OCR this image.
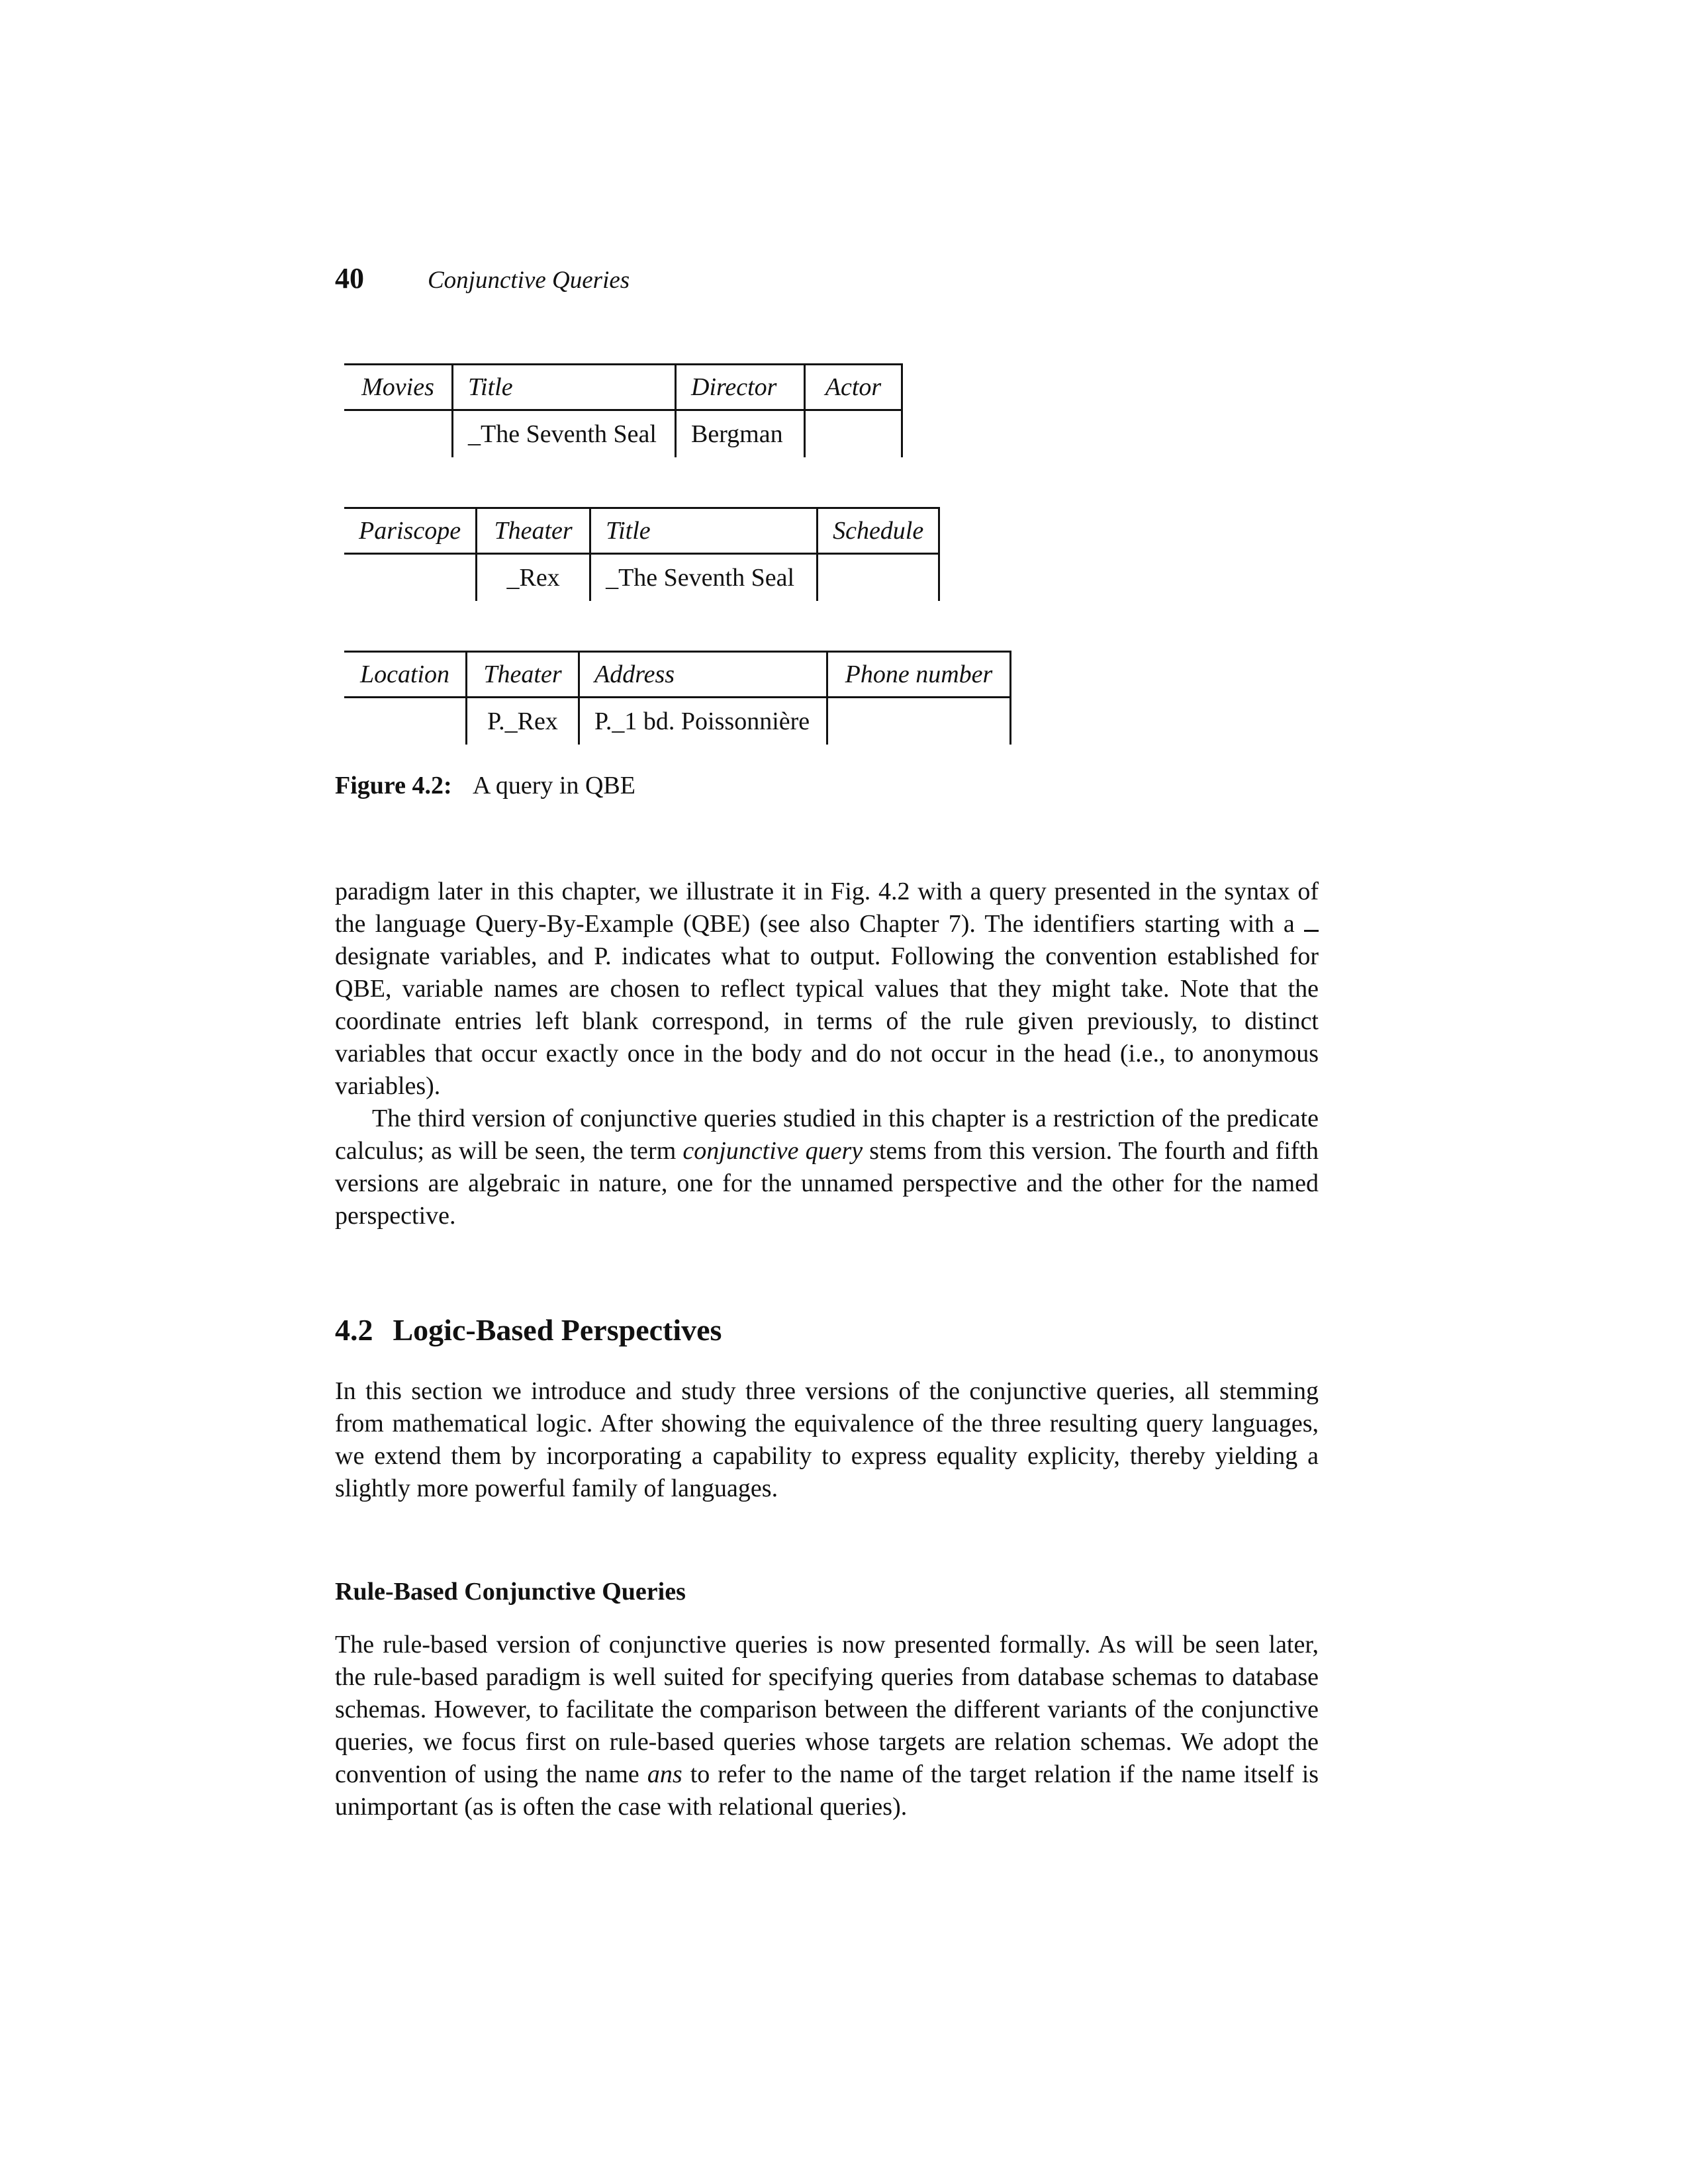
40	Conjunctive Queries
Movies	Title	Director	Actor
	_The Seventh Seal	Bergman	
Pariscope	Theater	Title	Schedule
	_Rex	_The Seventh Seal	
Location	Theater	Address	Phone number
	P._Rex	P._1 bd. Poissonnière	
Figure 4.2: A query in QBE

paradigm later in this chapter, we illustrate it in Fig. 4.2 with a query presented in the syntax of the language Query-By-Example (QBE) (see also Chapter 7). The identifiers starting with a  designate variables, and P. indicates what to output. Following the convention established for QBE, variable names are chosen to reflect typical values that they might take. Note that the coordinate entries left blank correspond, in terms of the rule given previously, to distinct variables that occur exactly once in the body and do not occur in the head (i.e., to anonymous variables).

The third version of conjunctive queries studied in this chapter is a restriction of the predicate calculus; as will be seen, the term conjunctive query stems from this version. The fourth and fifth versions are algebraic in nature, one for the unnamed perspective and the other for the named perspective.

4.2 Logic-Based Perspectives

In this section we introduce and study three versions of the conjunctive queries, all stemming from mathematical logic. After showing the equivalence of the three resulting query languages, we extend them by incorporating a capability to express equality explicity, thereby yielding a slightly more powerful family of languages.

Rule-Based Conjunctive Queries

The rule-based version of conjunctive queries is now presented formally. As will be seen later, the rule-based paradigm is well suited for specifying queries from database schemas to database schemas. However, to facilitate the comparison between the different variants of the conjunctive queries, we focus first on rule-based queries whose targets are relation schemas. We adopt the convention of using the name ans to refer to the name of the target relation if the name itself is unimportant (as is often the case with relational queries).
